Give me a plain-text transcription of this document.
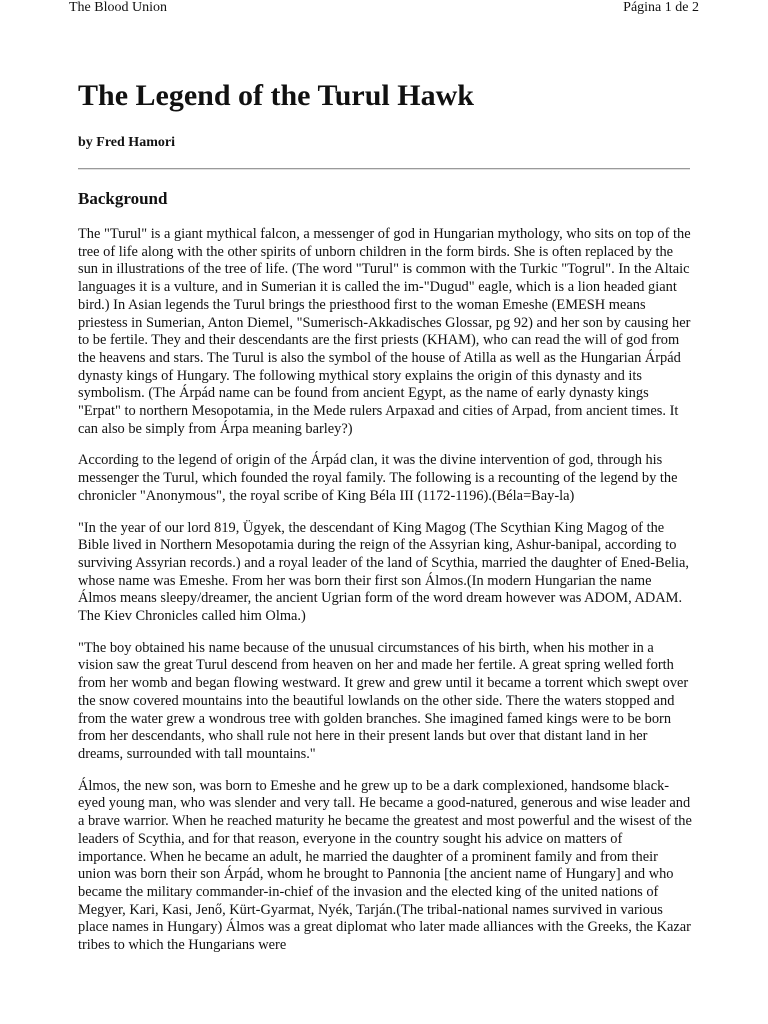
The Blood Union	Página 1 de 2
The Legend of the Turul Hawk
by Fred Hamori
Background

The "Turul" is a giant mythical falcon, a messenger of god in Hungarian mythology, who sits on top of the tree of life along with the other spirits of unborn children in the form birds. She is often replaced by the sun in illustrations of the tree of life. (The word "Turul" is common with the Turkic "Togrul". In the Altaic languages it is a vulture, and in Sumerian it is called the im-"Dugud" eagle, which is a lion headed giant bird.) In Asian legends the Turul brings the priesthood first to the woman Emeshe (EMESH means priestess in Sumerian, Anton Diemel, "Sumerisch-Akkadisches Glossar, pg 92) and her son by causing her to be fertile. They and their descendants are the first priests (KHAM), who can read the will of god from the heavens and stars. The Turul is also the symbol of the house of Atilla as well as the Hungarian Árpád dynasty kings of Hungary. The following mythical story explains the origin of this dynasty and its symbolism. (The Árpád name can be found from ancient Egypt, as the name of early dynasty kings "Erpat" to northern Mesopotamia, in the Mede rulers Arpaxad and cities of Arpad, from ancient times. It can also be simply from Árpa meaning barley?)

According to the legend of origin of the Árpád clan, it was the divine intervention of god, through his messenger the Turul, which founded the royal family. The following is a recounting of the legend by the chronicler "Anonymous", the royal scribe of King Béla III (1172-1196).(Béla=Bay-la)

"In the year of our lord 819, Ügyek, the descendant of King Magog (The Scythian King Magog of the Bible lived in Northern Mesopotamia during the reign of the Assyrian king, Ashur-banipal, according to surviving Assyrian records.) and a royal leader of the land of Scythia, married the daughter of Ened-Belia, whose name was Emeshe. From her was born their first son Álmos.(In modern Hungarian the name Álmos means sleepy/dreamer, the ancient Ugrian form of the word dream however was ADOM, ADAM. The Kiev Chronicles called him Olma.)

"The boy obtained his name because of the unusual circumstances of his birth, when his mother in a vision saw the great Turul descend from heaven on her and made her fertile. A great spring welled forth from her womb and began flowing westward. It grew and grew until it became a torrent which swept over the snow covered mountains into the beautiful lowlands on the other side. There the waters stopped and from the water grew a wondrous tree with golden branches. She imagined famed kings were to be born from her descendants, who shall rule not here in their present lands but over that distant land in her dreams, surrounded with tall mountains."

Álmos, the new son, was born to Emeshe and he grew up to be a dark complexioned, handsome black-eyed young man, who was slender and very tall. He became a good-natured, generous and wise leader and a brave warrior. When he reached maturity he became the greatest and most powerful and the wisest of the leaders of Scythia, and for that reason, everyone in the country sought his advice on matters of importance. When he became an adult, he married the daughter of a prominent family and from their union was born their son Árpád, whom he brought to Pannonia [the ancient name of Hungary] and who became the military commander-in-chief of the invasion and the elected king of the united nations of Megyer, Kari, Kasi, Jenő, Kürt-Gyarmat, Nyék, Tarján.(The tribal-national names survived in various place names in Hungary) Álmos was a great diplomat who later made alliances with the Greeks, the Kazar tribes to which the Hungarians were
